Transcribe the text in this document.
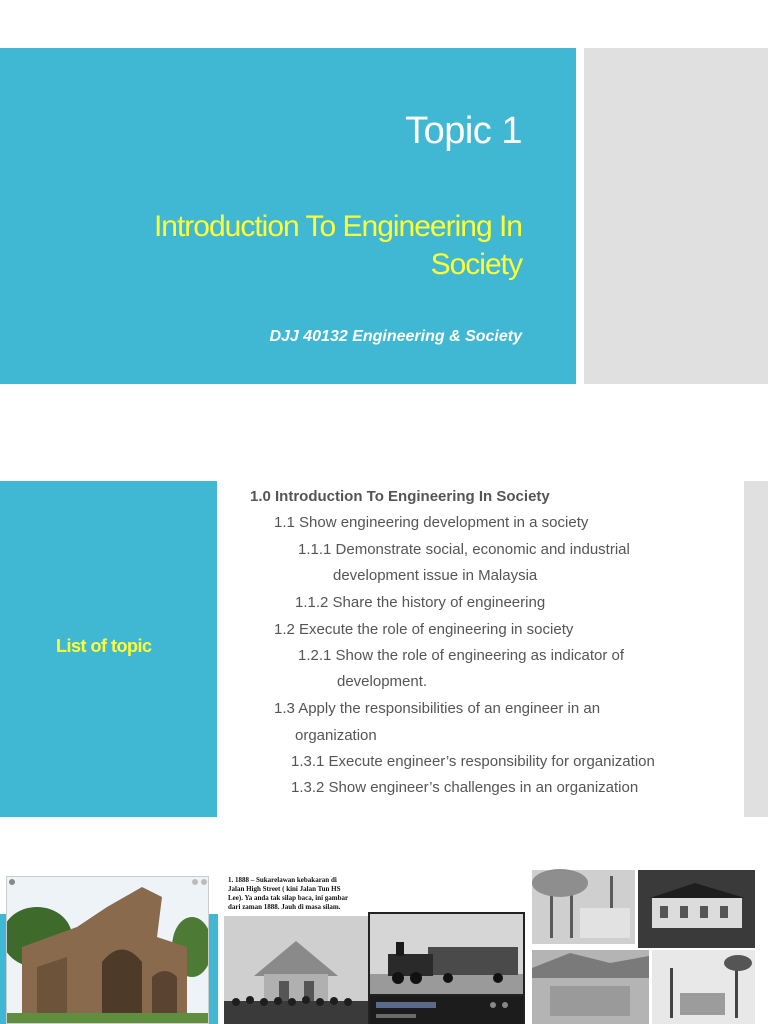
Topic 1
Introduction To Engineering In
Society
DJJ 40132 Engineering & Society
List of topic
1.0 Introduction To Engineering In Society
1.1 Show engineering development in a society
1.1.1 Demonstrate social, economic and industrial
development issue in Malaysia
1.1.2 Share the history of engineering
1.2 Execute the role of engineering in society
1.2.1 Show the role of engineering as indicator of
development.
1.3 Apply the responsibilities of an engineer in an
organization
1.3.1 Execute engineer’s responsibility for organization
1.3.2 Show engineer’s challenges in an organization
1. 1888 – Sukarelawan kebakaran di
Jalan High Street ( kini Jalan Tun HS
Lee). Ya anda tak silap baca, ini gambar
dari zaman 1888. Jauh di masa silam.
